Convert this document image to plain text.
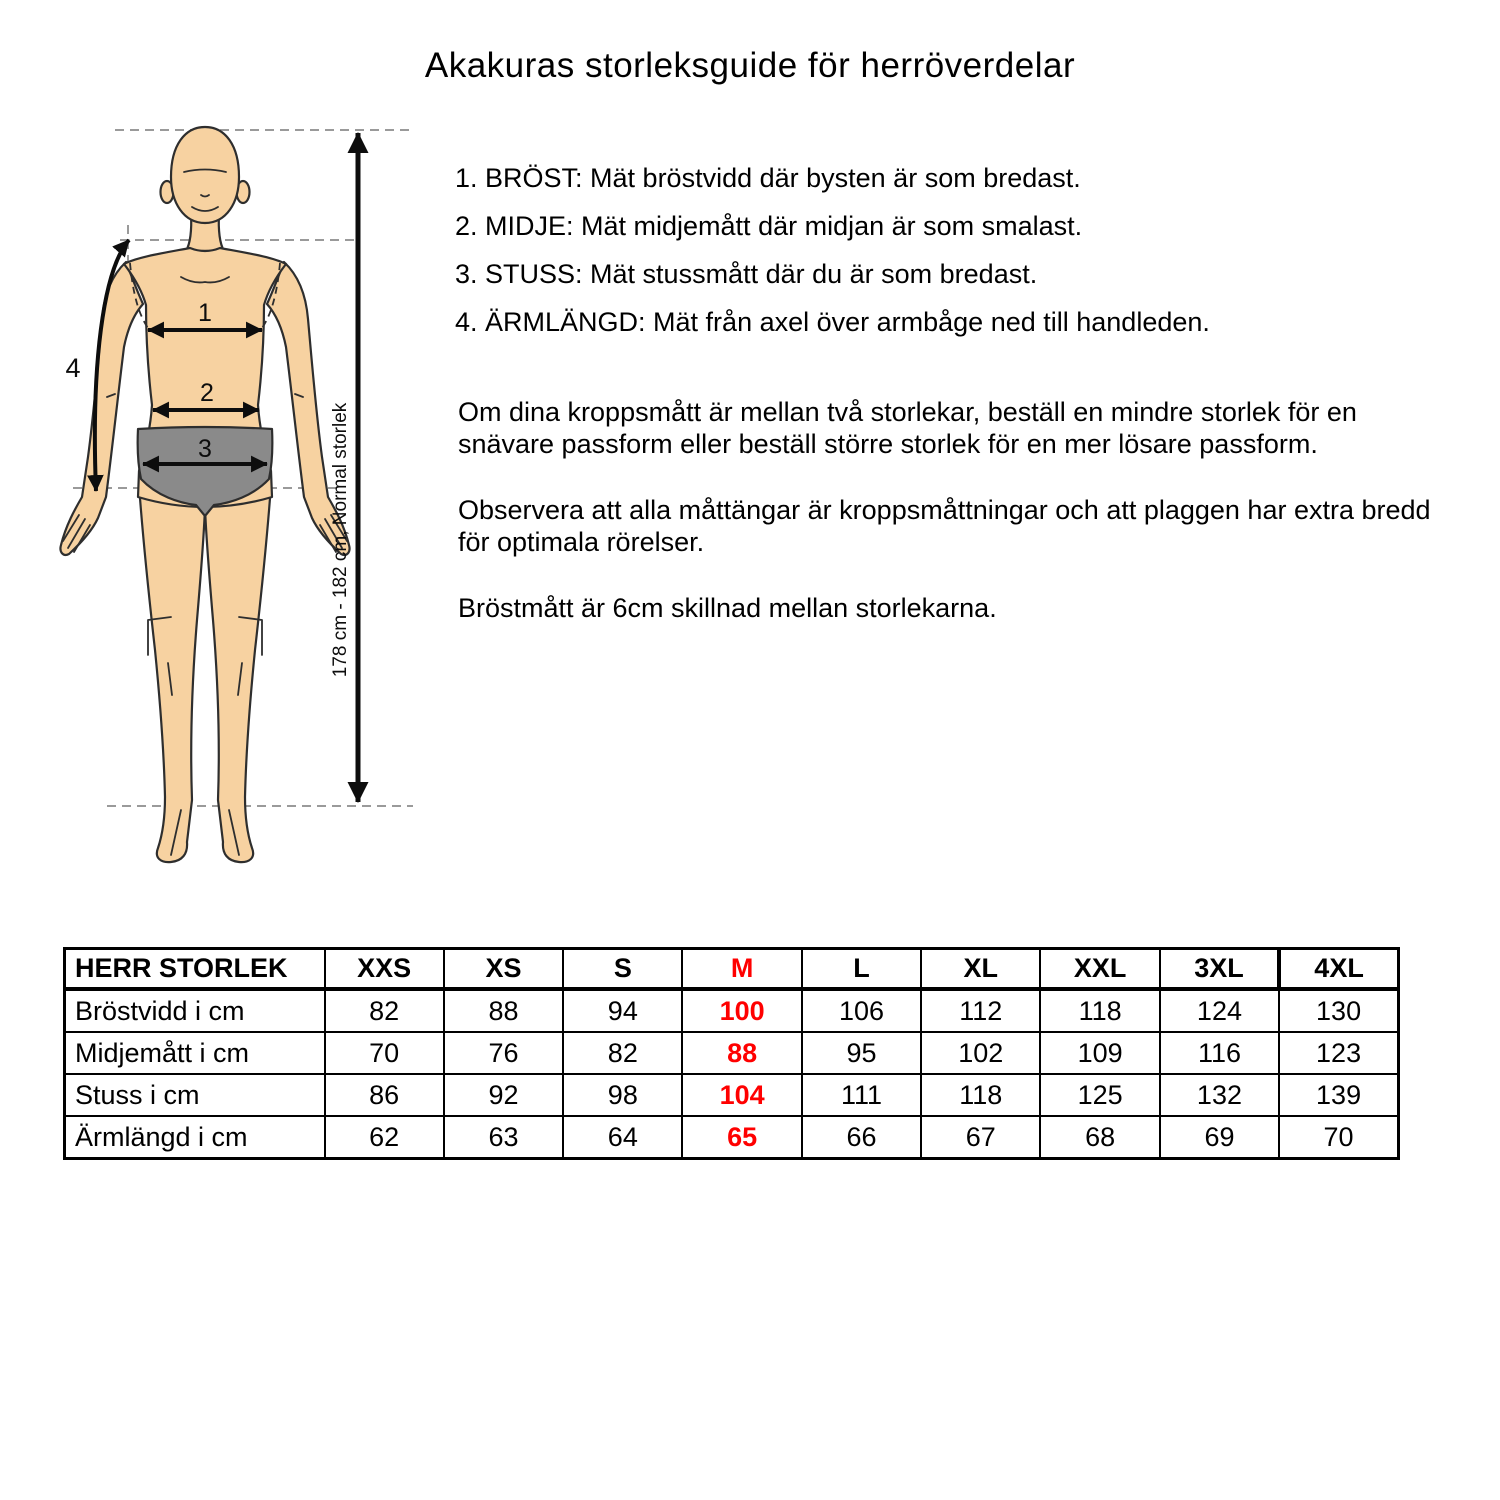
Akakuras storleksguide för herröverdelar
1
2
3
4
178 cm - 182 cm, Normal storlek
1. BRÖST: Mät bröstvidd där bysten är som bredast.
2. MIDJE: Mät midjemått där midjan är som smalast.
3. STUSS: Mät stussmått där du är som bredast.
4. ÄRMLÄNGD: Mät från axel över armbåge ned till handleden.

Om dina kroppsmått är mellan två storlekar, beställ en mindre storlek för en snävare passform eller beställ större storlek för en mer lösare passform.

Observera att alla måttängar är kroppsmåttningar och att plaggen har extra bredd för optimala rörelser.

Bröstmått är 6cm skillnad mellan storlekarna.

HERR STORLEK	XXS	XS	S	M	L	XL	XXL	3XL	4XL
Bröstvidd i cm	82	88	94	100	106	112	118	124	130
Midjemått i cm	70	76	82	88	95	102	109	116	123
Stuss i cm	86	92	98	104	111	118	125	132	139
Ärmlängd i cm	62	63	64	65	66	67	68	69	70
